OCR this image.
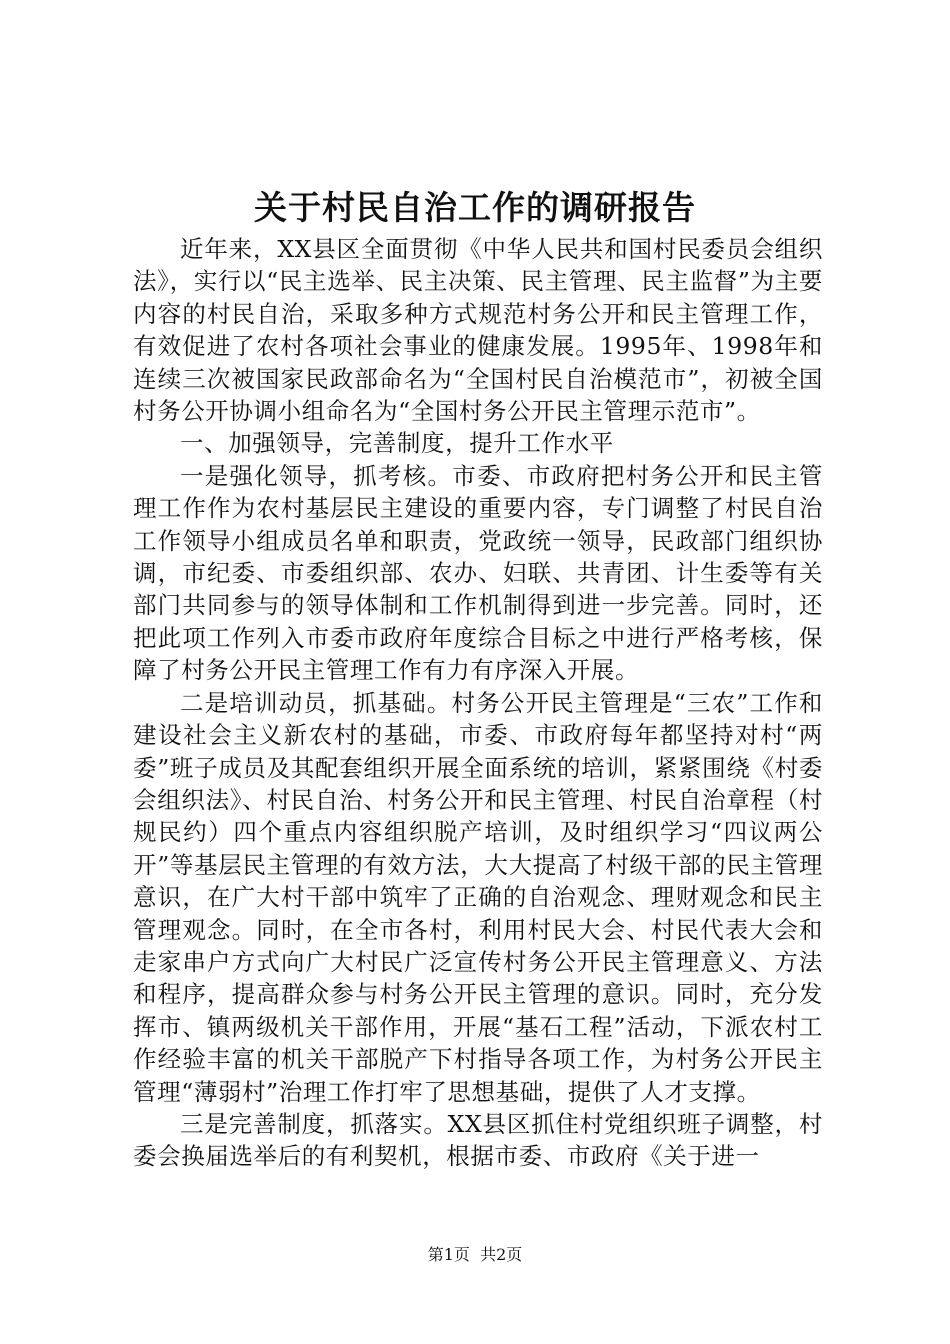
关于村民自治工作的调研报告

近年来，XX县区全面贯彻《中华人民共和国村民委员会组织法》，实行以“民主选举、民主决策、民主管理、民主监督”为主要内容的村民自治，采取多种方式规范村务公开和民主管理工作，有效促进了农村各项社会事业的健康发展。1995年、1998年和连续三次被国家民政部命名为“全国村民自治模范市”，初被全国村务公开协调小组命名为“全国村务公开民主管理示范市”。

一、加强领导，完善制度，提升工作水平

一是强化领导，抓考核。市委、市政府把村务公开和民主管理工作作为农村基层民主建设的重要内容，专门调整了村民自治工作领导小组成员名单和职责，党政统一领导，民政部门组织协调，市纪委、市委组织部、农办、妇联、共青团、计生委等有关部门共同参与的领导体制和工作机制得到进一步完善。同时，还把此项工作列入市委市政府年度综合目标之中进行严格考核，保障了村务公开民主管理工作有力有序深入开展。

二是培训动员，抓基础。村务公开民主管理是“三农”工作和建设社会主义新农村的基础，市委、市政府每年都坚持对村“两委”班子成员及其配套组织开展全面系统的培训，紧紧围绕《村委会组织法》、村民自治、村务公开和民主管理、村民自治章程（村规民约）四个重点内容组织脱产培训，及时组织学习“四议两公开”等基层民主管理的有效方法，大大提高了村级干部的民主管理意识，在广大村干部中筑牢了正确的自治观念、理财观念和民主管理观念。同时，在全市各村，利用村民大会、村民代表大会和走家串户方式向广大村民广泛宣传村务公开民主管理意义、方法和程序，提高群众参与村务公开民主管理的意识。同时，充分发挥市、镇两级机关干部作用，开展“基石工程”活动，下派农村工作经验丰富的机关干部脱产下村指导各项工作，为村务公开民主管理“薄弱村”治理工作打牢了思想基础，提供了人才支撑。

三是完善制度，抓落实。XX县区抓住村党组织班子调整，村委会换届选举后的有利契机，根据市委、市政府《关于进一

第1页 共2页
